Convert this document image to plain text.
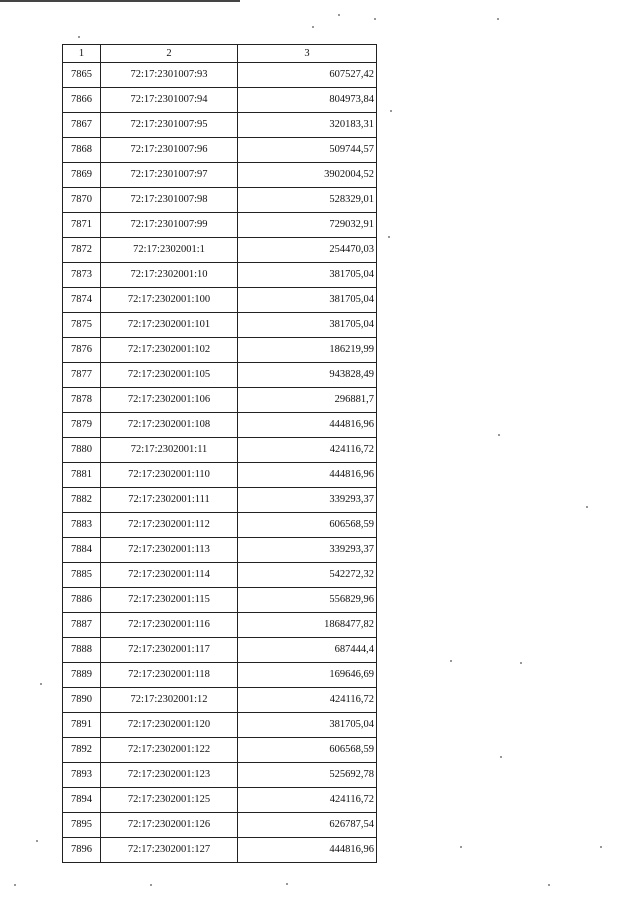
1	2	3
7865	72:17:2301007:93	607527,42
7866	72:17:2301007:94	804973,84
7867	72:17:2301007:95	320183,31
7868	72:17:2301007:96	509744,57
7869	72:17:2301007:97	3902004,52
7870	72:17:2301007:98	528329,01
7871	72:17:2301007:99	729032,91
7872	72:17:2302001:1	254470,03
7873	72:17:2302001:10	381705,04
7874	72:17:2302001:100	381705,04
7875	72:17:2302001:101	381705,04
7876	72:17:2302001:102	186219,99
7877	72:17:2302001:105	943828,49
7878	72:17:2302001:106	296881,7
7879	72:17:2302001:108	444816,96
7880	72:17:2302001:11	424116,72
7881	72:17:2302001:110	444816,96
7882	72:17:2302001:111	339293,37
7883	72:17:2302001:112	606568,59
7884	72:17:2302001:113	339293,37
7885	72:17:2302001:114	542272,32
7886	72:17:2302001:115	556829,96
7887	72:17:2302001:116	1868477,82
7888	72:17:2302001:117	687444,4
7889	72:17:2302001:118	169646,69
7890	72:17:2302001:12	424116,72
7891	72:17:2302001:120	381705,04
7892	72:17:2302001:122	606568,59
7893	72:17:2302001:123	525692,78
7894	72:17:2302001:125	424116,72
7895	72:17:2302001:126	626787,54
7896	72:17:2302001:127	444816,96
